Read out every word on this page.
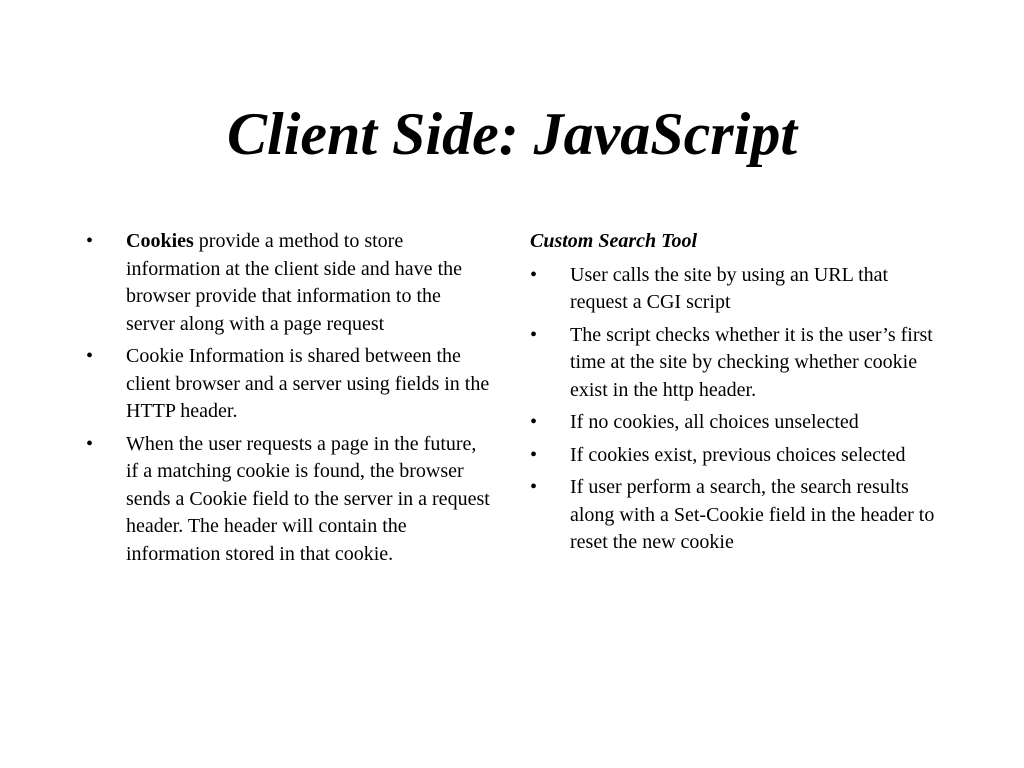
Client Side: JavaScript
•	Cookies provide a method to store information at the client side and have the browser provide that information to the server along with a page request
•	Cookie Information is shared between the client browser and a server using fields in the HTTP header.
•	When the user requests a page in the future, if a matching cookie is found, the browser sends a Cookie field to the server in a request header. The header will contain the information stored in that cookie.
Custom Search Tool
•	User calls the site by using an URL that request a CGI script
•	The script checks whether it is the user’s first time at the site by checking whether cookie exist in the http header.
•	If no cookies, all choices unselected
•	If cookies exist, previous choices selected
•	If user perform a search, the search results along with a Set-Cookie field in the header to reset the new cookie
